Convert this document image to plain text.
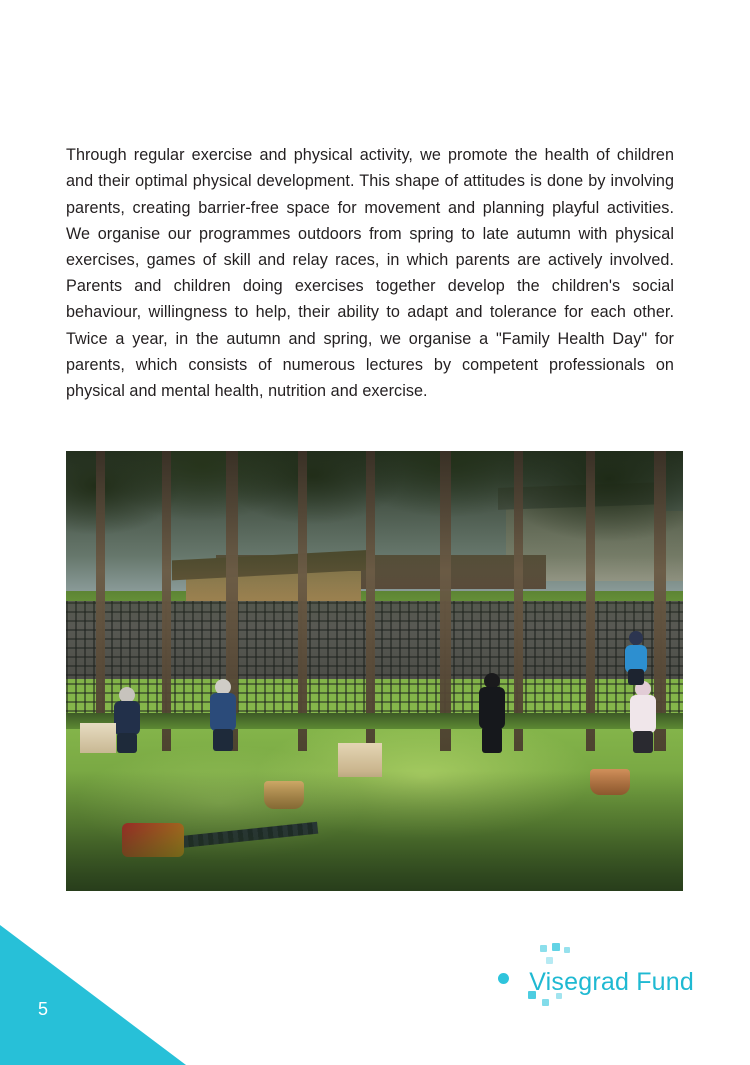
Through regular exercise and physical activity, we promote the health of children and their optimal physical development. This shape of attitudes is done by involving parents, creating barrier-free space for movement and planning playful activities. We organise our programmes outdoors from spring to late autumn with physical exercises, games of skill and relay races, in which parents are actively involved. Parents and children doing exercises together develop the children's social behaviour, willingness to help, their ability to adapt and tolerance for each other. Twice a year, in the autumn and spring, we organise a "Family Health Day" for parents, which consists of numerous lectures by competent professionals on physical and mental health, nutrition and exercise.

5
Visegrad Fund
